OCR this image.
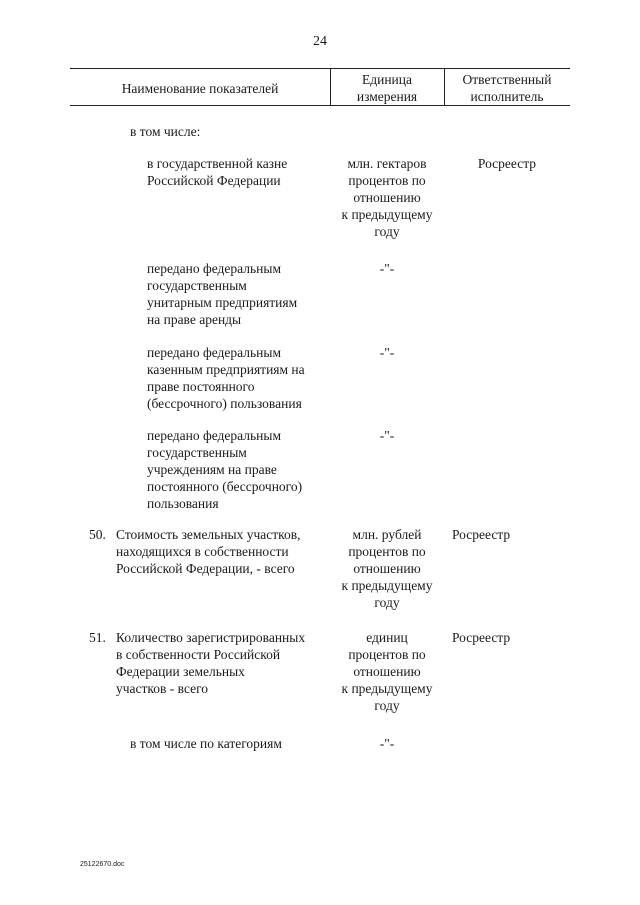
24
Наименование показателей
Единица
измерения
Ответственный
исполнитель
в том числе:
в государственной казне
Российской Федерации
млн. гектаров
процентов по
отношению
к предыдущему
году
Росреестр
передано федеральным
государственным
унитарным предприятиям
на праве аренды
-"-
передано федеральным
казенным предприятиям на
праве постоянного
(бессрочного) пользования
-"-
передано федеральным
государственным
учреждениям на праве
постоянного (бессрочного)
пользования
-"-
50. Стоимость земельных участков,
находящихся в собственности
Российской Федерации, - всего
млн. рублей
процентов по
отношению
к предыдущему
году
Росреестр
51. Количество зарегистрированных
в собственности Российской
Федерации земельных
участков - всего
единиц
процентов по
отношению
к предыдущему
году
Росреестр
в том числе по категориям	-"-
25122670.doc
